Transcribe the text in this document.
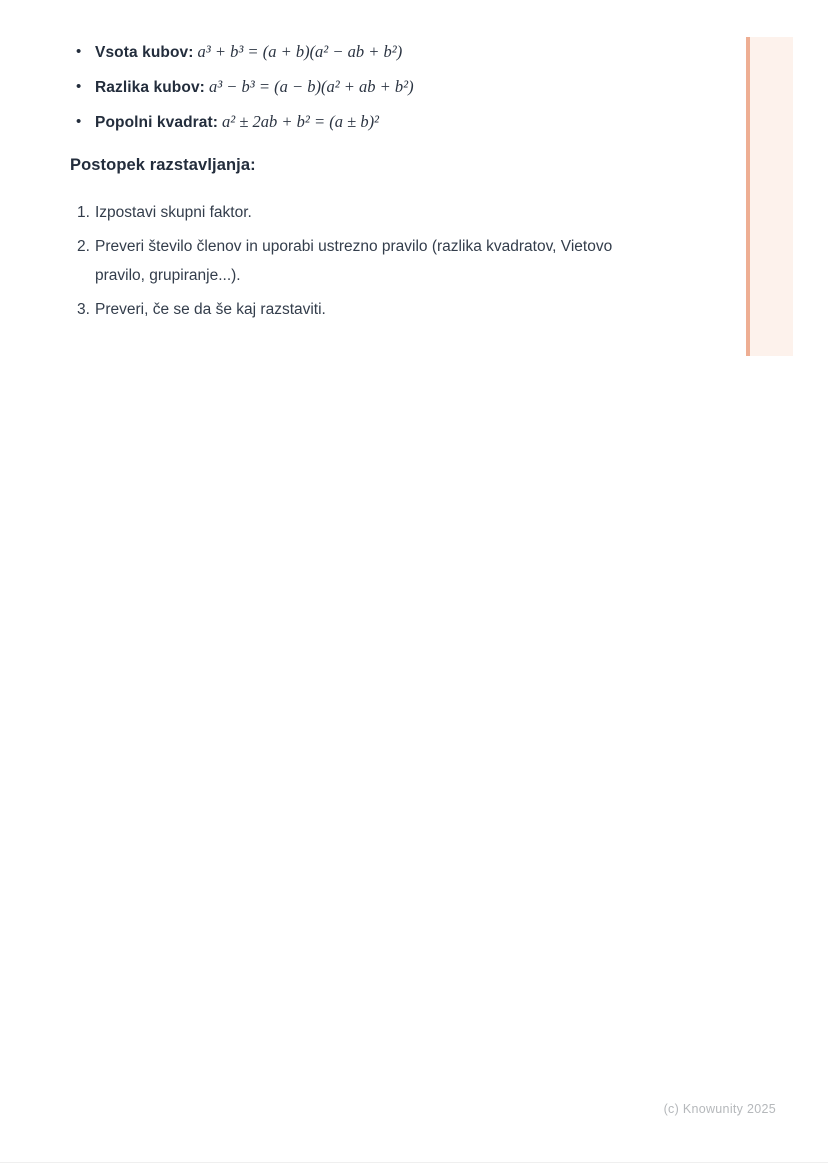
• Vsota kubov: a³ + b³ = (a + b)(a² − ab + b²)
• Razlika kubov: a³ − b³ = (a − b)(a² + ab + b²)
• Popolni kvadrat: a² ± 2ab + b² = (a ± b)²
Postopek razstavljanja:
1. Izpostavi skupni faktor.
2. Preveri število členov in uporabi ustrezno pravilo (razlika kvadratov, Vietovo pravilo, grupiranje...).
3. Preveri, če se da še kaj razstaviti.
(c) Knowunity 2025
